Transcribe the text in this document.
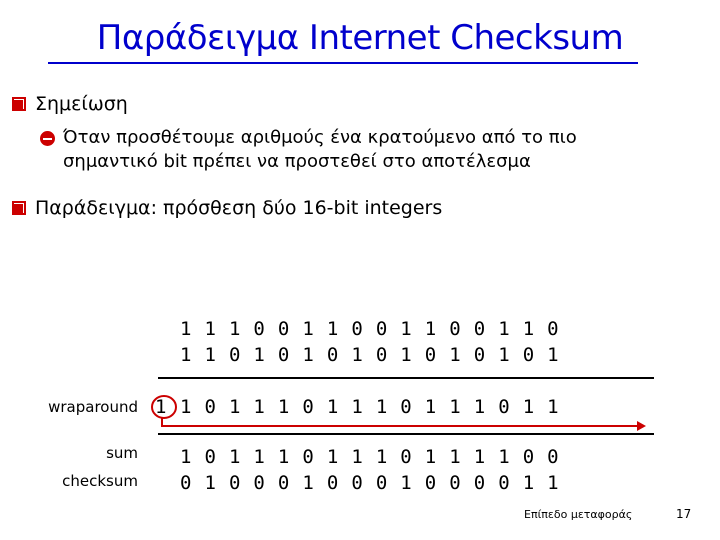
Παράδειγμα Internet Checksum
Σημείωση
Όταν προσθέτουμε αριθμούς ένα κρατούμενο από το πιο
σημαντικό bit πρέπει να προστεθεί στο αποτέλεσμα
Παράδειγμα: πρόσθεση δύο 16-bit integers
1 1 1 0 0 1 1 0 0 1 1 0 0 1 1 0
1 1 0 1 0 1 0 1 0 1 0 1 0 1 0 1
wraparound 1 1 0 1 1 1 0 1 1 1 0 1 1 1 0 1 1
sum 1 0 1 1 1 0 1 1 1 0 1 1 1 1 0 0
checksum 0 1 0 0 0 1 0 0 0 1 0 0 0 0 1 1
Επίπεδο μεταφοράς	17
